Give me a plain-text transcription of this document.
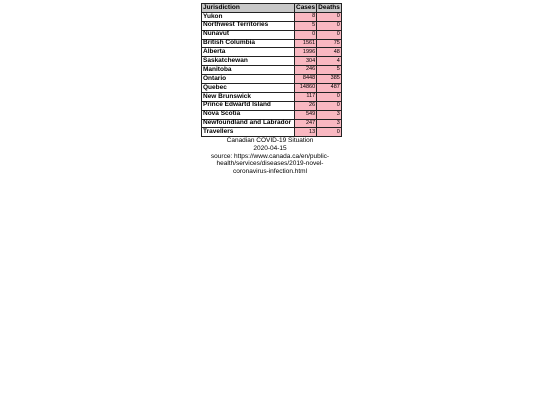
Jurisdiction	Cases	Deaths
Yukon	8	0
Northwest Territories	5	0
Nunavut	0	0
British Columbia	1561	75
Alberta	1996	48
Saskatchewan	304	4
Manitoba	246	5
Ontario	8448	385
Quebec	14860	487
New Brunswick	117	0
Prince Edwartd Island	26	0
Nova Scotia	549	3
Newfoundland and Labrador	247	3
Travellers	13	0
Canadian COVID-19 Situation
2020-04-15
source: https://www.canada.ca/en/public-health/services/diseases/2019-novel-coronavirus-infection.html
